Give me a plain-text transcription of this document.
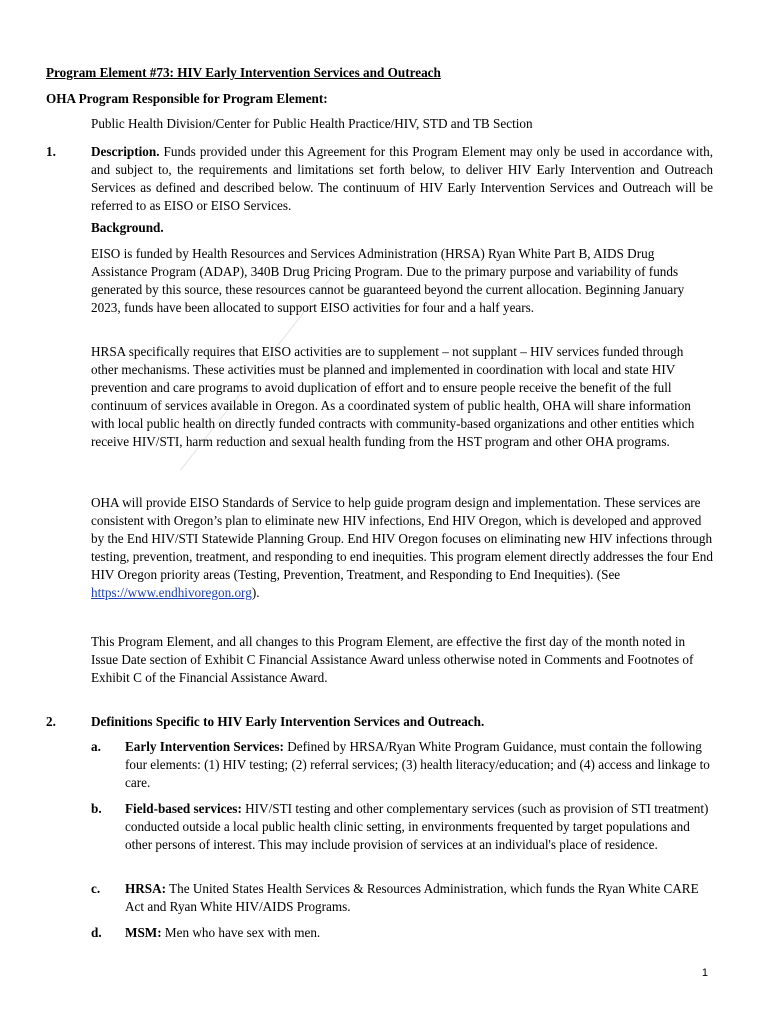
Program Element #73: HIV Early Intervention Services and Outreach
OHA Program Responsible for Program Element:
Public Health Division/Center for Public Health Practice/HIV, STD and TB Section
1.	Description. Funds provided under this Agreement for this Program Element may only be used in accordance with, and subject to, the requirements and limitations set forth below, to deliver HIV Early Intervention and Outreach Services as defined and described below. The continuum of HIV Early Intervention Services and Outreach will be referred to as EISO or EISO Services.

Background.

EISO is funded by Health Resources and Services Administration (HRSA) Ryan White Part B, AIDS Drug Assistance Program (ADAP), 340B Drug Pricing Program. Due to the primary purpose and variability of funds generated by this source, these resources cannot be guaranteed beyond the current allocation. Beginning January 2023, funds have been allocated to support EISO activities for four and a half years.

HRSA specifically requires that EISO activities are to supplement – not supplant – HIV services funded through other mechanisms. These activities must be planned and implemented in coordination with local and state HIV prevention and care programs to avoid duplication of effort and to ensure people receive the benefit of the full continuum of services available in Oregon. As a coordinated system of public health, OHA will share information with local public health on directly funded contracts with community-based organizations and other entities which receive HIV/STI, harm reduction and sexual health funding from the HST program and other OHA programs.

OHA will provide EISO Standards of Service to help guide program design and implementation. These services are consistent with Oregon’s plan to eliminate new HIV infections, End HIV Oregon, which is developed and approved by the End HIV/STI Statewide Planning Group. End HIV Oregon focuses on eliminating new HIV infections through testing, prevention, treatment, and responding to end inequities. This program element directly addresses the four End HIV Oregon priority areas (Testing, Prevention, Treatment, and Responding to End Inequities). (See https://www.endhivoregon.org).

This Program Element, and all changes to this Program Element, are effective the first day of the month noted in Issue Date section of Exhibit C Financial Assistance Award unless otherwise noted in Comments and Footnotes of Exhibit C of the Financial Assistance Award.

2.	Definitions Specific to HIV Early Intervention Services and Outreach.
a. Early Intervention Services: Defined by HRSA/Ryan White Program Guidance, must contain the following four elements: (1) HIV testing; (2) referral services; (3) health literacy/education; and (4) access and linkage to care.
b. Field-based services: HIV/STI testing and other complementary services (such as provision of STI treatment) conducted outside a local public health clinic setting, in environments frequented by target populations and other persons of interest. This may include provision of services at an individual's place of residence.
c. HRSA: The United States Health Services & Resources Administration, which funds the Ryan White CARE Act and Ryan White HIV/AIDS Programs.
d. MSM: Men who have sex with men.
1
